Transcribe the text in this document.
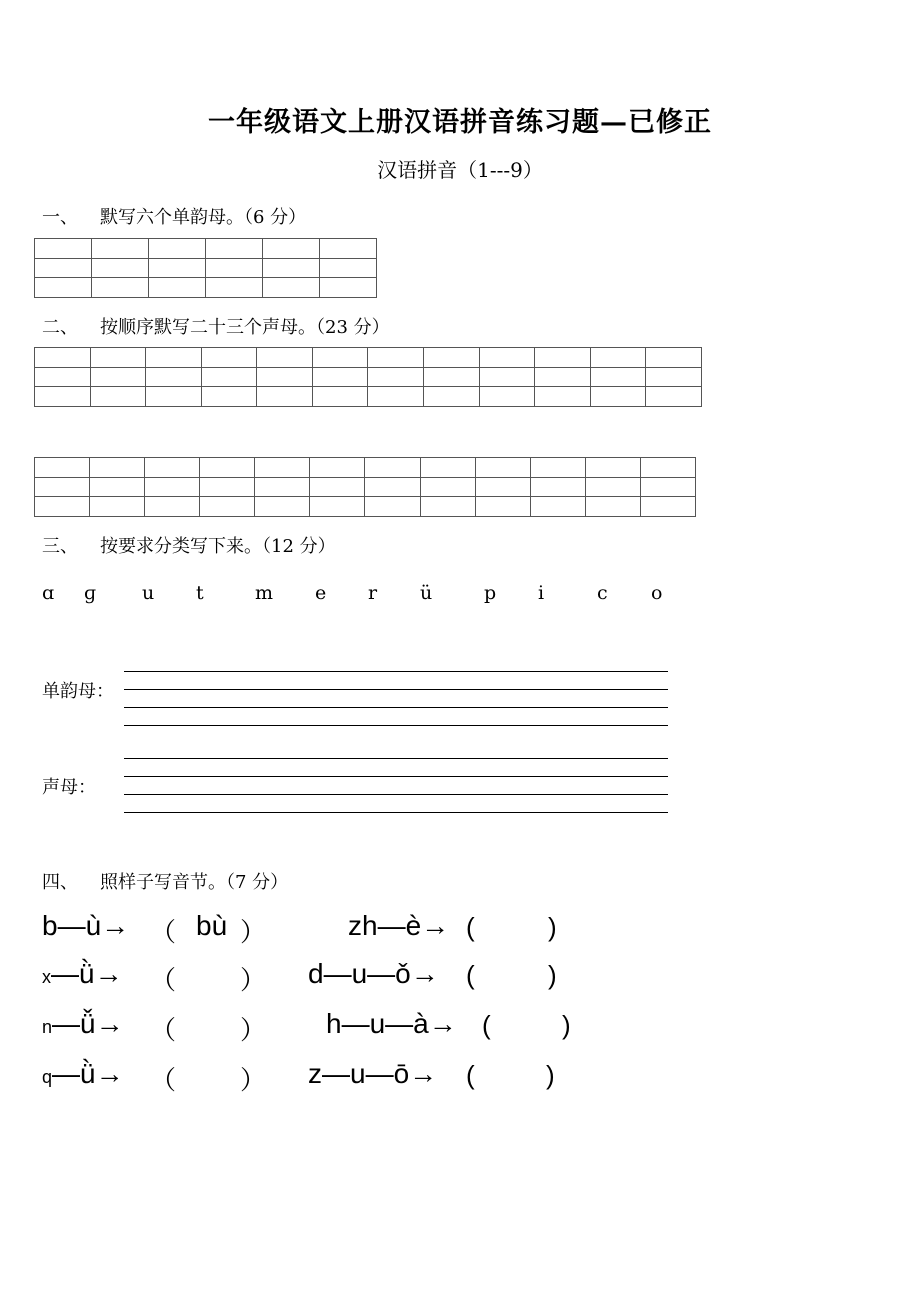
一年级语文上册汉语拼音练习题—已修正
汉语拼音（1---9）
一、 默写六个单韵母。（6 分）

二、 按顺序默写二十三个声母。（23 分）

三、 按要求分类写下来。（12 分）
ɑ ɡ u t	m e r ü	p i	c o
单韵母：
声母：
四、 照样子写音节。（7 分）
b—ù→ （ bù ）	zh—è→ (	)
x—ǜ→ （ ） d—u—ǒ→ (	)
n—ǚ→ （ ） h—u—à→ (	)
q—ǜ→ （ ） z—u—ō→ (	)
